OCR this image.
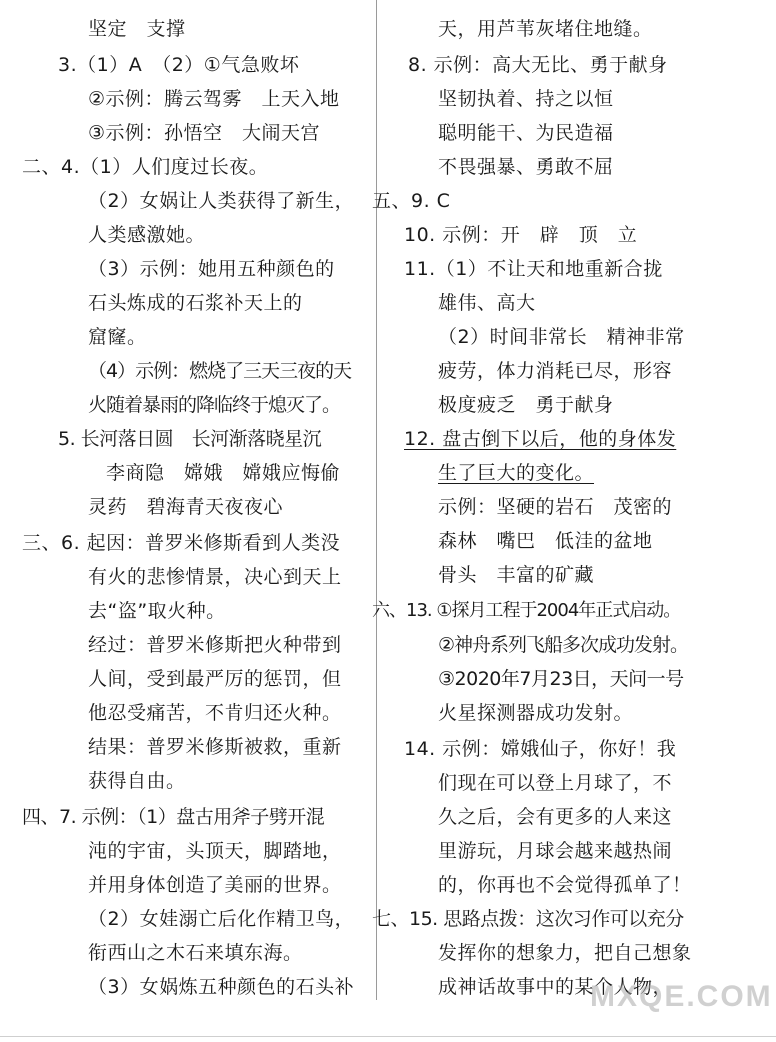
坚定　支撑
3.（1）A　（2）①气急败坏
②示例：腾云驾雾　上天入地
③示例：孙悟空　大闹天宫
二、4.（1）人们度过长夜。
（2）女娲让人类获得了新生，
人类感激她。
（3）示例：她用五种颜色的
石头炼成的石浆补天上的
窟窿。
（4）示例：燃烧了三天三夜的天
火随着暴雨的降临终于熄灭了。
5. 长河落日圆　长河渐落晓星沉
李商隐　嫦娥　嫦娥应悔偷
灵药　碧海青天夜夜心
三、6. 起因：普罗米修斯看到人类没
有火的悲惨情景，决心到天上
去“盗”取火种。
经过：普罗米修斯把火种带到
人间，受到最严厉的惩罚，但
他忍受痛苦，不肯归还火种。
结果：普罗米修斯被救，重新
获得自由。
四、7. 示例：（1）盘古用斧子劈开混
沌的宇宙，头顶天，脚踏地，
并用身体创造了美丽的世界。
（2）女娃溺亡后化作精卫鸟，
衔西山之木石来填东海。
（3）女娲炼五种颜色的石头补
天，用芦苇灰堵住地缝。
8. 示例：高大无比、勇于献身
坚韧执着、持之以恒
聪明能干、为民造福
不畏强暴、勇敢不屈
五、9. C
10. 示例：开　辟　顶　立
11.（1）不让天和地重新合拢
雄伟、高大
（2）时间非常长　精神非常
疲劳，体力消耗已尽，形容
极度疲乏　勇于献身
12. 盘古倒下以后，他的身体发
生了巨大的变化。
示例：坚硬的岩石　茂密的
森林　嘴巴　低洼的盆地
骨头　丰富的矿藏
六、13. ①探月工程于2004年正式启动。
②神舟系列飞船多次成功发射。
③2020年7月23日，天问一号
火星探测器成功发射。
14. 示例：嫦娥仙子，你好！我
们现在可以登上月球了，不
久之后，会有更多的人来这
里游玩，月球会越来越热闹
的，你再也不会觉得孤单了！
七、15. 思路点拨：这次习作可以充分
发挥你的想象力，把自己想象
成神话故事中的某个人物，
MXQE.COM
